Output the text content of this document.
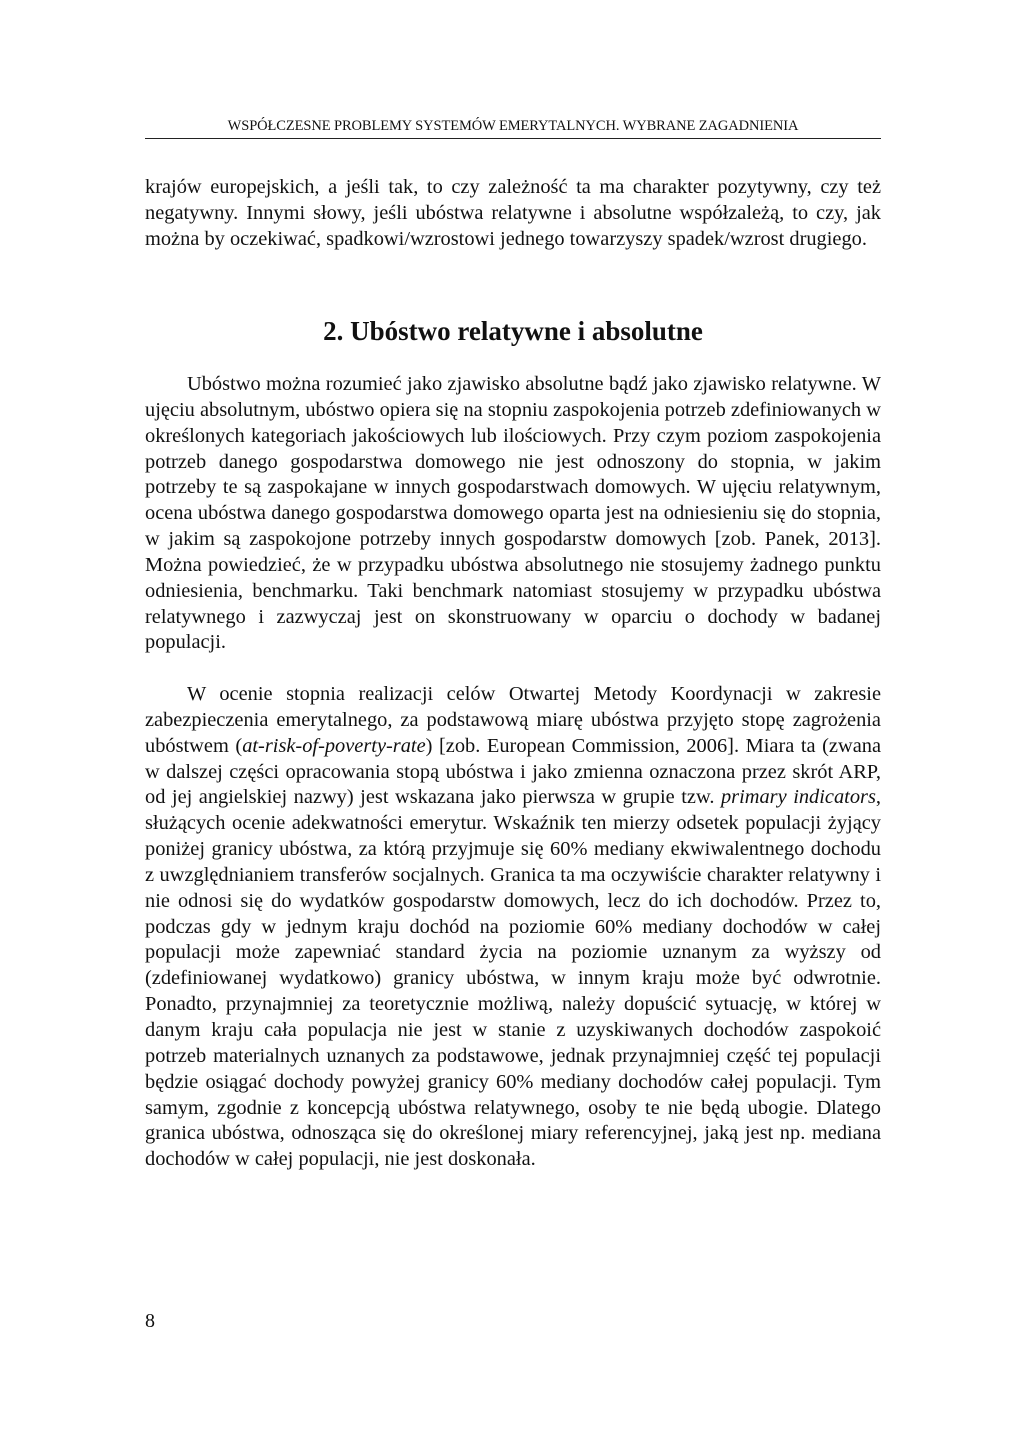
WSPÓŁCZESNE PROBLEMY SYSTEMÓW EMERYTALNYCH. WYBRANE ZAGADNIENIA

krajów europejskich, a jeśli tak, to czy zależność ta ma charakter pozytywny, czy też negatywny. Innymi słowy, jeśli ubóstwa relatywne i absolutne współzależą, to czy, jak można by oczekiwać, spadkowi/wzrostowi jednego towarzyszy spadek/wzrost drugiego.

2. Ubóstwo relatywne i absolutne

Ubóstwo można rozumieć jako zjawisko absolutne bądź jako zjawisko relatywne. W ujęciu absolutnym, ubóstwo opiera się na stopniu zaspokojenia potrzeb zdefiniowanych w określonych kategoriach jakościowych lub ilościowych. Przy czym poziom zaspokojenia potrzeb danego gospodarstwa domowego nie jest odnoszony do stopnia, w jakim potrzeby te są zaspokajane w innych gospodarstwach domowych. W ujęciu relatywnym, ocena ubóstwa danego gospodarstwa domowego oparta jest na odniesieniu się do stopnia, w jakim są zaspokojone potrzeby innych gospodarstw domowych [zob. Panek, 2013]. Można powiedzieć, że w przypadku ubóstwa absolutnego nie stosujemy żadnego punktu odniesienia, benchmarku. Taki benchmark natomiast stosujemy w przypadku ubóstwa relatywnego i zazwyczaj jest on skonstruowany w oparciu o dochody w badanej populacji.

W ocenie stopnia realizacji celów Otwartej Metody Koordynacji w zakresie zabezpieczenia emerytalnego, za podstawową miarę ubóstwa przyjęto stopę zagrożenia ubóstwem (at-risk-of-poverty-rate) [zob. European Commission, 2006]. Miara ta (zwana w dalszej części opracowania stopą ubóstwa i jako zmienna oznaczona przez skrót ARP, od jej angielskiej nazwy) jest wskazana jako pierwsza w grupie tzw. primary indicators, służących ocenie adekwatności emerytur. Wskaźnik ten mierzy odsetek populacji żyjący poniżej granicy ubóstwa, za którą przyjmuje się 60% mediany ekwiwalentnego dochodu z uwzględnianiem transferów socjalnych. Granica ta ma oczywiście charakter relatywny i nie odnosi się do wydatków gospodarstw domowych, lecz do ich dochodów. Przez to, podczas gdy w jednym kraju dochód na poziomie 60% mediany dochodów w całej populacji może zapewniać standard życia na poziomie uznanym za wyższy od (zdefiniowanej wydatkowo) granicy ubóstwa, w innym kraju może być odwrotnie. Ponadto, przynajmniej za teoretycznie możliwą, należy dopuścić sytuację, w której w danym kraju cała populacja nie jest w stanie z uzyskiwanych dochodów zaspokoić potrzeb materialnych uznanych za podstawowe, jednak przynajmniej część tej populacji będzie osiągać dochody powyżej granicy 60% mediany dochodów całej populacji. Tym samym, zgodnie z koncepcją ubóstwa relatywnego, osoby te nie będą ubogie. Dlatego granica ubóstwa, odnosząca się do określonej miary referencyjnej, jaką jest np. mediana dochodów w całej populacji, nie jest doskonała.

8
